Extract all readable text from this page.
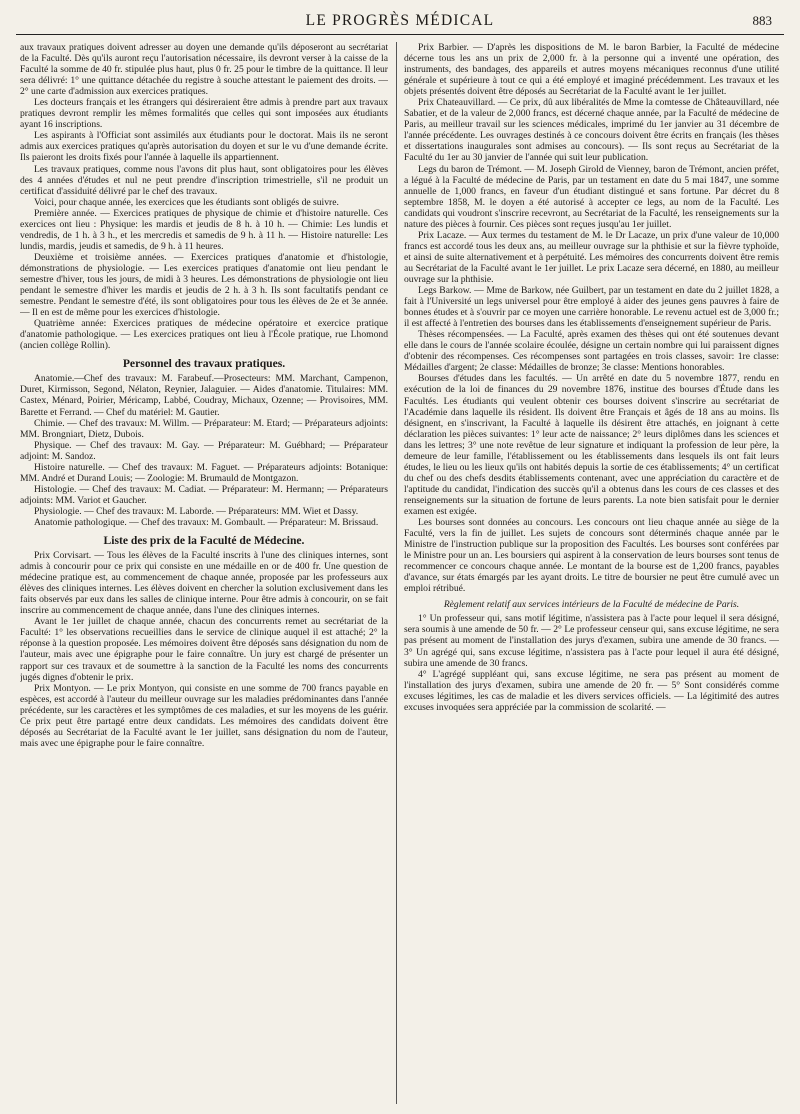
LE PROGRÈS MÉDICAL	883

aux travaux pratiques doivent adresser au doyen une demande qu'ils déposeront au secrétariat de la Faculté. Dès qu'ils auront reçu l'autorisation nécessaire, ils devront verser à la caisse de la Faculté la somme de 40 fr. stipulée plus haut, plus 0 fr. 25 pour le timbre de la quittance. Il leur sera délivré: 1° une quittance détachée du registre à souche attestant le paiement des droits. — 2° une carte d'admission aux exercices pratiques.

Les docteurs français et les étrangers qui désireraient être admis à prendre part aux travaux pratiques devront remplir les mêmes formalités que celles qui sont imposées aux étudiants ayant 16 inscriptions.

Les aspirants à l'Officiat sont assimilés aux étudiants pour le doctorat. Mais ils ne seront admis aux exercices pratiques qu'après autorisation du doyen et sur le vu d'une demande écrite. Ils paieront les droits fixés pour l'année à laquelle ils appartiennent.

Les travaux pratiques, comme nous l'avons dit plus haut, sont obligatoires pour les élèves des 4 années d'études et nul ne peut prendre d'inscription trimestrielle, s'il ne produit un certificat d'assiduité délivré par le chef des travaux.

Voici, pour chaque année, les exercices que les étudiants sont obligés de suivre.

Première année. — Exercices pratiques de physique de chimie et d'histoire naturelle. Ces exercices ont lieu : Physique: les mardis et jeudis de 8 h. à 10 h. — Chimie: Les lundis et vendredis, de 1 h. à 3 h., et les mercredis et samedis de 9 h. à 11 h. — Histoire naturelle: Les lundis, mardis, jeudis et samedis, de 9 h. à 11 heures.

Deuxième et troisième années. — Exercices pratiques d'anatomie et d'histologie, démonstrations de physiologie. — Les exercices pratiques d'anatomie ont lieu pendant le semestre d'hiver, tous les jours, de midi à 3 heures. Les démonstrations de physiologie ont lieu pendant le semestre d'hiver les mardis et jeudis de 2 h. à 3 h. Ils sont facultatifs pendant ce semestre. Pendant le semestre d'été, ils sont obligatoires pour tous les élèves de 2e et 3e année. — Il en est de même pour les exercices d'histologie.

Quatrième année: Exercices pratiques de médecine opératoire et exercice pratique d'anatomie pathologique. — Les exercices pratiques ont lieu à l'École pratique, rue Lhomond (ancien collège Rollin).

Personnel des travaux pratiques.

Anatomie.—Chef des travaux: M. Farabeuf.—Prosecteurs: MM. Marchant, Campenon, Duret, Kirmisson, Segond, Nélaton, Reynier, Jalaguier. — Aides d'anatomie. Titulaires: MM. Castex, Ménard, Poirier, Méricamp, Labbé, Coudray, Michaux, Ozenne; — Provisoires, MM. Barette et Ferrand. — Chef du matériel: M. Gautier.

Chimie. — Chef des travaux: M. Willm. — Préparateur: M. Etard; — Préparateurs adjoints: MM. Brongniart, Dietz, Dubois.

Physique. — Chef des travaux: M. Gay. — Préparateur: M. Guébhard; — Préparateur adjoint: M. Sandoz.

Histoire naturelle. — Chef des travaux: M. Faguet. — Préparateurs adjoints: Botanique: MM. André et Durand Louis; — Zoologie: M. Brumauld de Montgazon.

Histologie. — Chef des travaux: M. Cadiat. — Préparateur: M. Hermann; — Préparateurs adjoints: MM. Variot et Gaucher.

Physiologie. — Chef des travaux: M. Laborde. — Préparateurs: MM. Wiet et Dassy.

Anatomie pathologique. — Chef des travaux: M. Gombault. — Préparateur: M. Brissaud.

Liste des prix de la Faculté de Médecine.

Prix Corvisart. — Tous les élèves de la Faculté inscrits à l'une des cliniques internes, sont admis à concourir pour ce prix qui consiste en une médaille en or de 400 fr. Une question de médecine pratique est, au commencement de chaque année, proposée par les professeurs aux élèves des cliniques internes. Les élèves doivent en chercher la solution exclusivement dans les faits observés par eux dans les salles de clinique interne. Pour être admis à concourir, on se fait inscrire au commencement de chaque année, dans l'une des cliniques internes.

Avant le 1er juillet de chaque année, chacun des concurrents remet au secrétariat de la Faculté: 1° les observations recueillies dans le service de clinique auquel il est attaché; 2° la réponse à la question proposée. Les mémoires doivent être déposés sans désignation du nom de l'auteur, mais avec une épigraphe pour le faire connaître. Un jury est chargé de présenter un rapport sur ces travaux et de soumettre à la sanction de la Faculté les noms des concurrents jugés dignes d'obtenir le prix.

Prix Montyon. — Le prix Montyon, qui consiste en une somme de 700 francs payable en espèces, est accordé à l'auteur du meilleur ouvrage sur les maladies prédominantes dans l'année précédente, sur les caractères et les symptômes de ces maladies, et sur les moyens de les guérir. Ce prix peut être partagé entre deux candidats. Les mémoires des candidats doivent être déposés au Secrétariat de la Faculté avant le 1er juillet, sans désignation du nom de l'auteur, mais avec une épigraphe pour le faire connaître.

Prix Barbier. — D'après les dispositions de M. le baron Barbier, la Faculté de médecine décerne tous les ans un prix de 2,000 fr. à la personne qui a inventé une opération, des instruments, des bandages, des appareils et autres moyens mécaniques reconnus d'une utilité générale et supérieure à tout ce qui a été employé et imaginé précédemment. Les travaux et les objets présentés doivent être déposés au Secrétariat de la Faculté avant le 1er juillet.

Prix Chateauvillard. — Ce prix, dû aux libéralités de Mme la comtesse de Châteauvillard, née Sabatier, et de la valeur de 2,000 francs, est décerné chaque année, par la Faculté de médecine de Paris, au meilleur travail sur les sciences médicales, imprimé du 1er janvier au 31 décembre de l'année précédente. Les ouvrages destinés à ce concours doivent être écrits en français (les thèses et dissertations inaugurales sont admises au concours). — Ils sont reçus au Secrétariat de la Faculté du 1er au 30 janvier de l'année qui suit leur publication.

Legs du baron de Trémont. — M. Joseph Girold de Vienney, baron de Trémont, ancien préfet, a légué à la Faculté de médecine de Paris, par un testament en date du 5 mai 1847, une somme annuelle de 1,000 francs, en faveur d'un étudiant distingué et sans fortune. Par décret du 8 septembre 1858, M. le doyen a été autorisé à accepter ce legs, au nom de la Faculté. Les candidats qui voudront s'inscrire recevront, au Secrétariat de la Faculté, les renseignements sur la nature des pièces à fournir. Ces pièces sont reçues jusqu'au 1er juillet.

Prix Lacaze. — Aux termes du testament de M. le Dr Lacaze, un prix d'une valeur de 10,000 francs est accordé tous les deux ans, au meilleur ouvrage sur la phthisie et sur la fièvre typhoïde, et ainsi de suite alternativement et à perpétuité. Les mémoires des concurrents doivent être remis au Secrétariat de la Faculté avant le 1er juillet. Le prix Lacaze sera décerné, en 1880, au meilleur ouvrage sur la phthisie.

Legs Barkow. — Mme de Barkow, née Guilbert, par un testament en date du 2 juillet 1828, a fait à l'Université un legs universel pour être employé à aider des jeunes gens pauvres à faire de bonnes études et à s'ouvrir par ce moyen une carrière honorable. Le revenu actuel est de 3,000 fr.; il est affecté à l'entretien des bourses dans les établissements d'enseignement supérieur de Paris.

Thèses récompensées. — La Faculté, après examen des thèses qui ont été soutenues devant elle dans le cours de l'année scolaire écoulée, désigne un certain nombre qui lui paraissent dignes d'obtenir des récompenses. Ces récompenses sont partagées en trois classes, savoir: 1re classe: Médailles d'argent; 2e classe: Médailles de bronze; 3e classe: Mentions honorables.

Bourses d'études dans les facultés. — Un arrêté en date du 5 novembre 1877, rendu en exécution de la loi de finances du 29 novembre 1876, institue des bourses d'Étude dans les Facultés. Les étudiants qui veulent obtenir ces bourses doivent s'inscrire au secrétariat de l'Académie dans laquelle ils résident. Ils doivent être Français et âgés de 18 ans au moins. Ils désignent, en s'inscrivant, la Faculté à laquelle ils désirent être attachés, en joignant à cette déclaration les pièces suivantes: 1° leur acte de naissance; 2° leurs diplômes dans les sciences et dans les lettres; 3° une note revêtue de leur signature et indiquant la profession de leur père, la demeure de leur famille, l'établissement ou les établissements dans lesquels ils ont fait leurs études, le lieu ou les lieux qu'ils ont habités depuis la sortie de ces établissements; 4° un certificat du chef ou des chefs desdits établissements contenant, avec une appréciation du caractère et de l'aptitude du candidat, l'indication des succès qu'il a obtenus dans les cours de ces classes et des renseignements sur la situation de fortune de leurs parents. La note bien satisfait pour le dernier examen est exigée.

Les bourses sont données au concours. Les concours ont lieu chaque année au siège de la Faculté, vers la fin de juillet. Les sujets de concours sont déterminés chaque année par le Ministre de l'instruction publique sur la proposition des Facultés. Les bourses sont conférées par le Ministre pour un an. Les boursiers qui aspirent à la conservation de leurs bourses sont tenus de recommencer ce concours chaque année. Le montant de la bourse est de 1,200 francs, payables d'avance, sur états émargés par les ayant droits. Le titre de boursier ne peut être cumulé avec un emploi rétribué.

Règlement relatif aux services intérieurs de la Faculté de médecine de Paris.

1° Un professeur qui, sans motif légitime, n'assistera pas à l'acte pour lequel il sera désigné, sera soumis à une amende de 50 fr. — 2° Le professeur censeur qui, sans excuse légitime, ne sera pas présent au moment de l'installation des jurys d'examen, subira une amende de 30 francs. — 3° Un agrégé qui, sans excuse légitime, n'assistera pas à l'acte pour lequel il aura été désigné, subira une amende de 30 francs.

4° L'agrégé suppléant qui, sans excuse légitime, ne sera pas présent au moment de l'installation des jurys d'examen, subira une amende de 20 fr. — 5° Sont considérés comme excuses légitimes, les cas de maladie et les divers services officiels. — La légitimité des autres excuses invoquées sera appréciée par la commission de scolarité. —
